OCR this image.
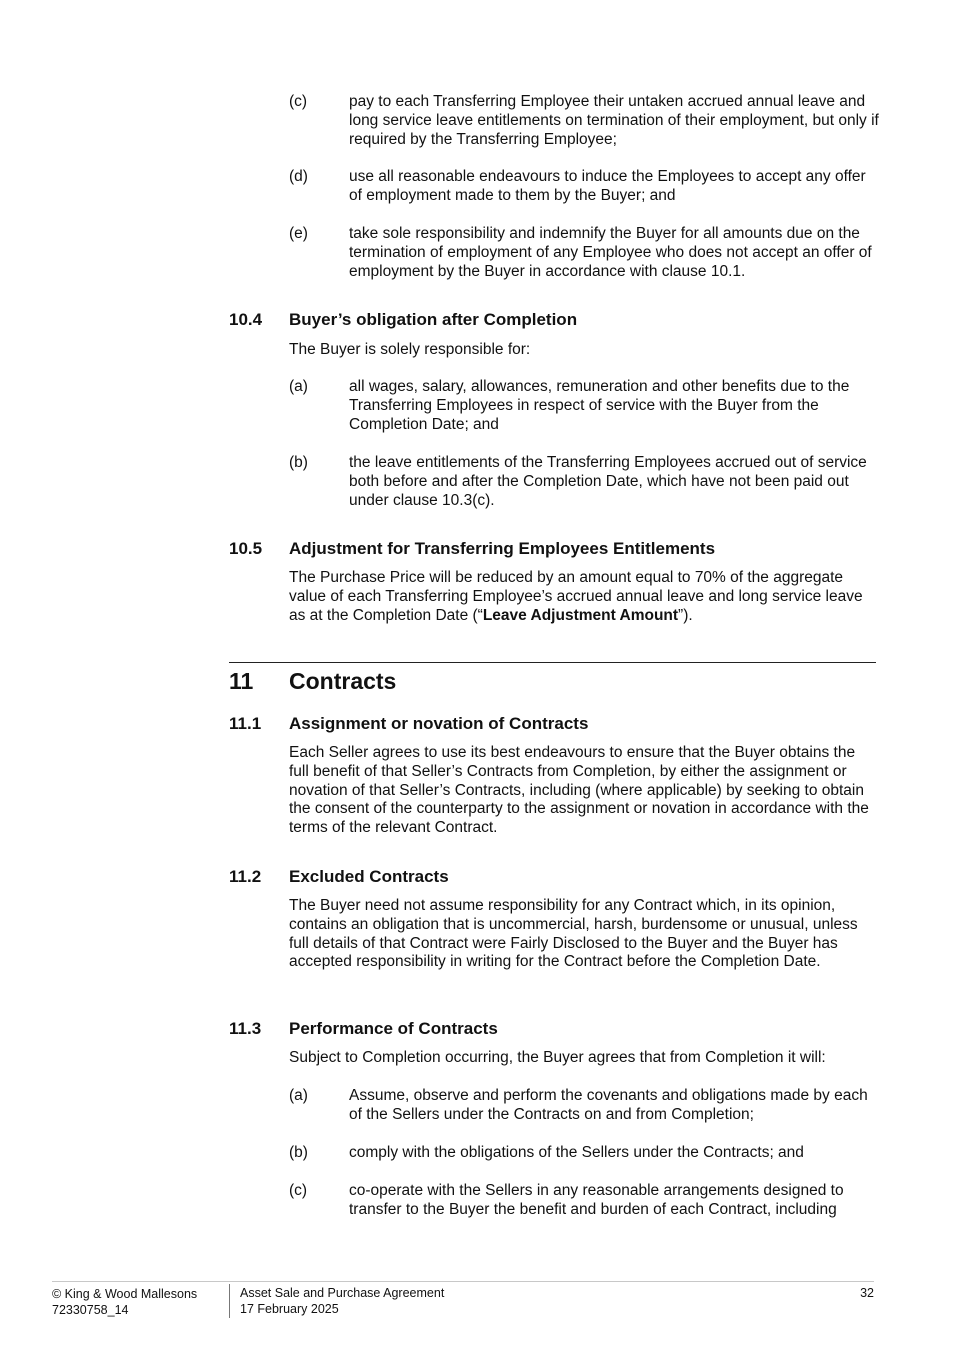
(c)	pay to each Transferring Employee their untaken accrued annual leave and long service leave entitlements on termination of their employment, but only if required by the Transferring Employee;
(d)	use all reasonable endeavours to induce the Employees to accept any offer of employment made to them by the Buyer; and
(e)	take sole responsibility and indemnify the Buyer for all amounts due on the termination of employment of any Employee who does not accept an offer of employment by the Buyer in accordance with clause 10.1.
10.4 Buyer’s obligation after Completion
The Buyer is solely responsible for:
(a)	all wages, salary, allowances, remuneration and other benefits due to the Transferring Employees in respect of service with the Buyer from the Completion Date; and
(b)	the leave entitlements of the Transferring Employees accrued out of service both before and after the Completion Date, which have not been paid out under clause 10.3(c).
10.5 Adjustment for Transferring Employees Entitlements
The Purchase Price will be reduced by an amount equal to 70% of the aggregate value of each Transferring Employee’s accrued annual leave and long service leave as at the Completion Date (“Leave Adjustment Amount”).
11 Contracts
11.1 Assignment or novation of Contracts
Each Seller agrees to use its best endeavours to ensure that the Buyer obtains the full benefit of that Seller’s Contracts from Completion, by either the assignment or novation of that Seller’s Contracts, including (where applicable) by seeking to obtain the consent of the counterparty to the assignment or novation in accordance with the terms of the relevant Contract.
11.2 Excluded Contracts
The Buyer need not assume responsibility for any Contract which, in its opinion, contains an obligation that is uncommercial, harsh, burdensome or unusual, unless full details of that Contract were Fairly Disclosed to the Buyer and the Buyer has accepted responsibility in writing for the Contract before the Completion Date.
11.3 Performance of Contracts
Subject to Completion occurring, the Buyer agrees that from Completion it will:
(a)	Assume, observe and perform the covenants and obligations made by each of the Sellers under the Contracts on and from Completion;
(b)	comply with the obligations of the Sellers under the Contracts; and
(c)	co-operate with the Sellers in any reasonable arrangements designed to transfer to the Buyer the benefit and burden of each Contract, including
© King & Wood Mallesons
72330758_14
Asset Sale and Purchase Agreement
17 February 2025
32
